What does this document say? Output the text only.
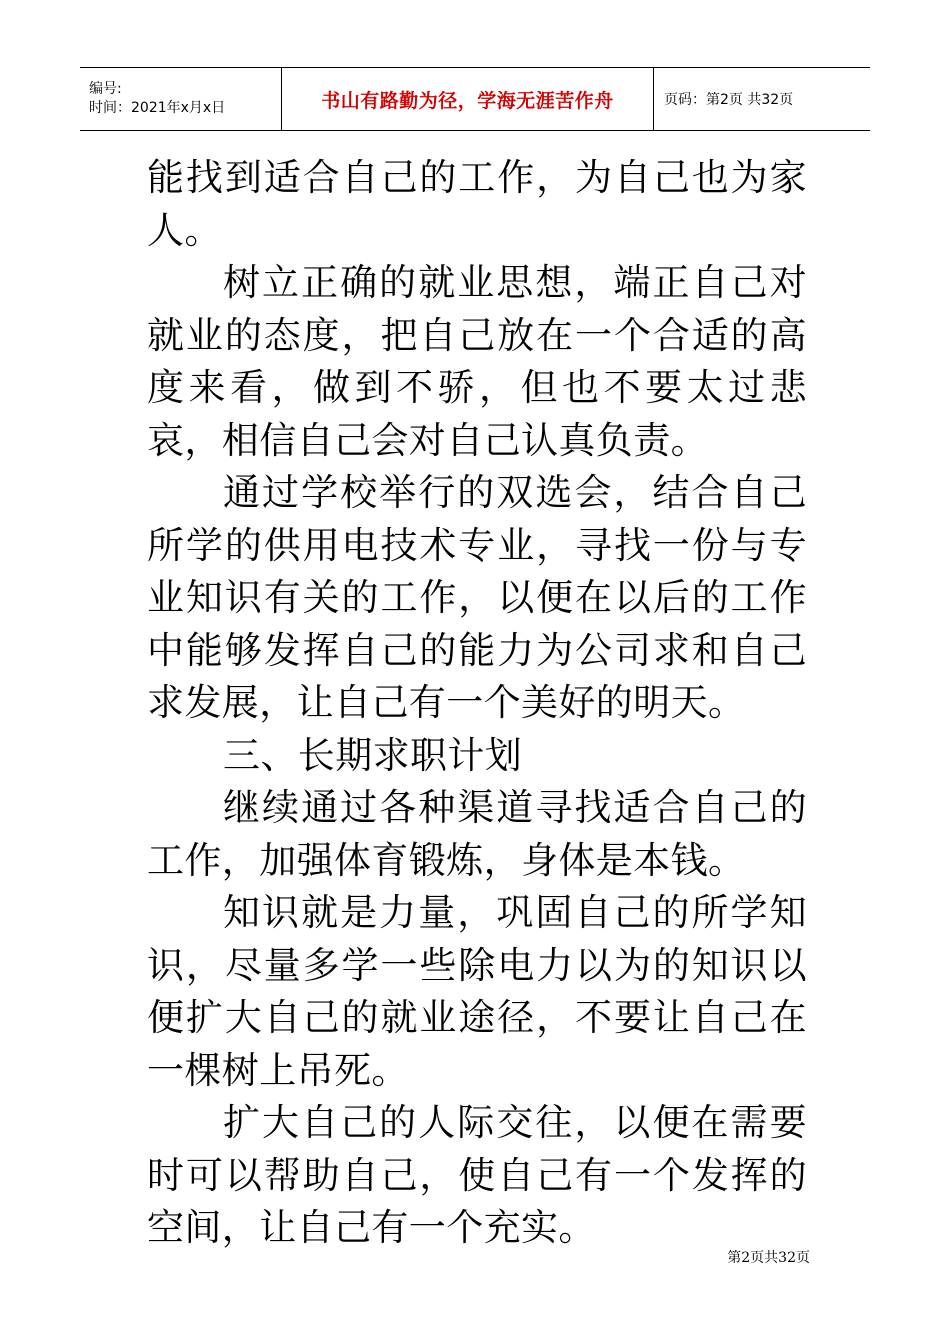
编号:
时间：2021年x月x日	书山有路勤为径，学海无涯苦作舟	页码：第2页 共32页

能找到适合自己的工作，为自己也为家人。

树立正确的就业思想，端正自己对就业的态度，把自己放在一个合适的高度来看，做到不骄，但也不要太过悲哀，相信自己会对自己认真负责。

通过学校举行的双选会，结合自己所学的供用电技术专业，寻找一份与专业知识有关的工作，以便在以后的工作中能够发挥自己的能力为公司求和自己求发展，让自己有一个美好的明天。

三、长期求职计划

继续通过各种渠道寻找适合自己的工作，加强体育锻炼，身体是本钱。

知识就是力量，巩固自己的所学知识，尽量多学一些除电力以为的知识以便扩大自己的就业途径，不要让自己在一棵树上吊死。

扩大自己的人际交往，以便在需要时可以帮助自己，使自己有一个发挥的空间，让自己有一个充实。

第2页共32页
